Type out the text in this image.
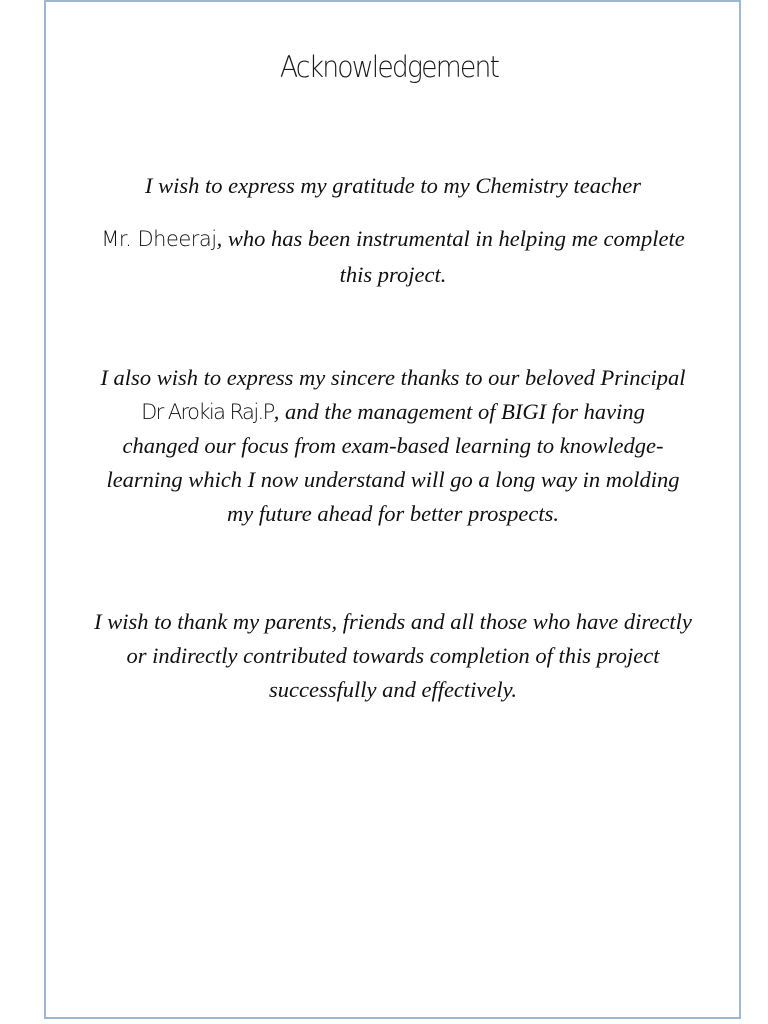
Acknowledgement
I wish to express my gratitude to my Chemistry teacher
Mr. Dheeraj, who has been instrumental in helping me complete
this project.
I also wish to express my sincere thanks to our beloved Principal
Dr Arokia Raj.P, and the management of BIGI for having
changed our focus from exam-based learning to knowledge-
learning which I now understand will go a long way in molding
my future ahead for better prospects.
I wish to thank my parents, friends and all those who have directly
or indirectly contributed towards completion of this project
successfully and effectively.
